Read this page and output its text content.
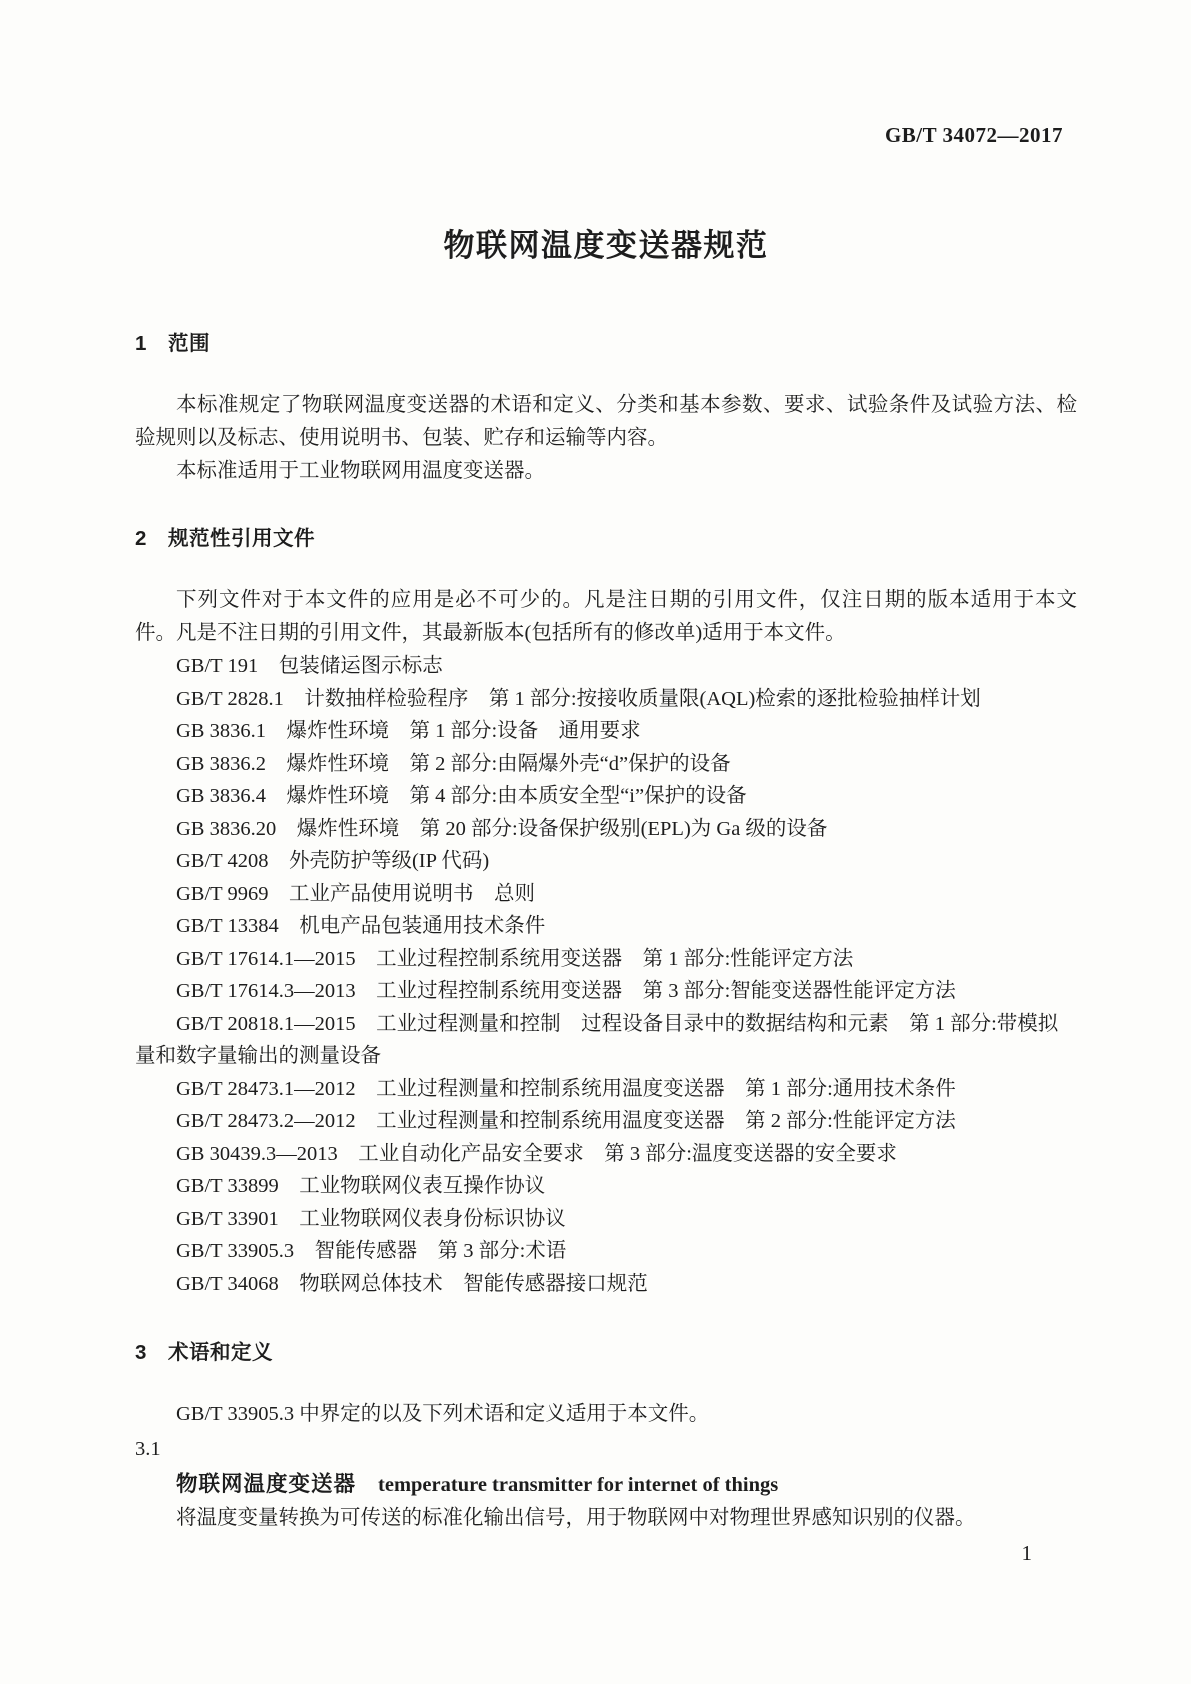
GB/T 34072—2017
物联网温度变送器规范
1 范围

本标准规定了物联网温度变送器的术语和定义、分类和基本参数、要求、试验条件及试验方法、检验规则以及标志、使用说明书、包装、贮存和运输等内容。

本标准适用于工业物联网用温度变送器。

2 规范性引用文件

下列文件对于本文件的应用是必不可少的。凡是注日期的引用文件，仅注日期的版本适用于本文件。凡是不注日期的引用文件，其最新版本(包括所有的修改单)适用于本文件。

GB/T 191　包装储运图示标志

GB/T 2828.1　计数抽样检验程序　第 1 部分:按接收质量限(AQL)检索的逐批检验抽样计划

GB 3836.1　爆炸性环境　第 1 部分:设备　通用要求

GB 3836.2　爆炸性环境　第 2 部分:由隔爆外壳“d”保护的设备

GB 3836.4　爆炸性环境　第 4 部分:由本质安全型“i”保护的设备

GB 3836.20　爆炸性环境　第 20 部分:设备保护级别(EPL)为 Ga 级的设备

GB/T 4208　外壳防护等级(IP 代码)

GB/T 9969　工业产品使用说明书　总则

GB/T 13384　机电产品包装通用技术条件

GB/T 17614.1—2015　工业过程控制系统用变送器　第 1 部分:性能评定方法

GB/T 17614.3—2013　工业过程控制系统用变送器　第 3 部分:智能变送器性能评定方法

GB/T 20818.1—2015　工业过程测量和控制　过程设备目录中的数据结构和元素　第 1 部分:带模拟量和数字量输出的测量设备

GB/T 28473.1—2012　工业过程测量和控制系统用温度变送器　第 1 部分:通用技术条件

GB/T 28473.2—2012　工业过程测量和控制系统用温度变送器　第 2 部分:性能评定方法

GB 30439.3—2013　工业自动化产品安全要求　第 3 部分:温度变送器的安全要求

GB/T 33899　工业物联网仪表互操作协议

GB/T 33901　工业物联网仪表身份标识协议

GB/T 33905.3　智能传感器　第 3 部分:术语

GB/T 34068　物联网总体技术　智能传感器接口规范

3 术语和定义

GB/T 33905.3 中界定的以及下列术语和定义适用于本文件。

3.1

物联网温度变送器 temperature transmitter for internet of things

将温度变量转换为可传送的标准化输出信号，用于物联网中对物理世界感知识别的仪器。

1
